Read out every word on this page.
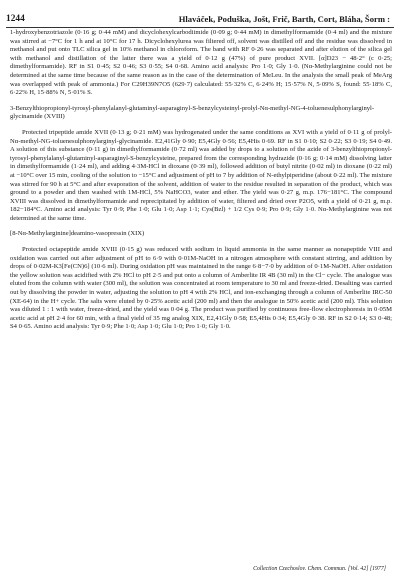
1244	Hlaváček, Poduška, Jošt, Frič, Barth, Cort, Bláha, Šorm :

1-hydroxybenzotriazole (0·16 g; 0·44 mM) and dicyclohexylcarbodiimide (0·09 g; 0·44 mM) in dimethylformamide (0·4 ml) and the mixture was stirred at −7°C for 1 h and at 10°C for 17 h. Dicyclohexylurea was filtered off, solvent was distilled off and the residue was dissolved in methanol and put onto TLC silica gel in 10% methanol in chloroform. The band with RF 0·26 was separated and after elution of the silica gel with methanol and distillation of the latter there was a yield of 0·12 g (47%) of pure product XVII. [α]D23 − 48·2° (c 0·25; dimethylformamide). RF in S1 0·45; S2 0·46; S3 0·55; S4 0·68. Amino acid analysis: Pro 1·0; Gly 1·0. (Nα-Methylarginine could not be determined at the same time because of the same reason as in the case of the determination of MeLeu. In the analysis the small peak of MeArg was overlapped with peak of ammonia.) For C29H39N7O5 (629·7) calculated: 55·32% C, 6·24% H; 15·57% N, 5·09% S, found: 55·18% C, 6·22% H, 15·88% N, 5·01% S.

3-Benzylthiopropionyl-tyrosyl-phenylalanyl-glutaminyl-asparaginyl-S-benzylcysteinyl-prolyl-Nα-methyl-NG-4-toluenesulphonylarginyl-glycinamide (XVIII)

Protected tripeptide amide XVII (0·13 g; 0·21 mM) was hydrogenated under the same conditions as XVI with a yield of 0·11 g of prolyl-Nα-methyl-NG-toluenesulphonylarginyl-glycinamide. E2,41Gly 0·90; E5,4Gly 0·56; E5,4His 0·69. RF in S1 0·10; S2 0·22; S3 0·19; S4 0·49. A solution of this substance (0·11 g) in dimethylformamide (0·72 ml) was added by drops to a solution of the azide of 3-benzylthiopropionyl-tyrosyl-phenylalanyl-glutaminyl-asparaginyl-S-benzylcysteine, prepared from the corresponding hydrazide (0·16 g; 0·14 mM) dissolving latter in dimethylformamide (1·24 ml), and adding 4·3M-HCl in dioxane (0·39 ml), followed addition of butyl nitrite (0·02 ml) in dioxane (0·22 ml) at −10°C over 15 min, cooling of the solution to −15°C and adjustment of pH to 7 by addition of N-ethylpiperidine (about 0·22 ml). The mixture was stirred for 90 h at 5°C and after evaporation of the solvent, addition of water to the residue resulted in separation of the product, which was ground to a powder and then washed with 1M-HCl, 5% NaHCO3, water and ether. The yield was 0·27 g, m.p. 176−181°C. The compound XVIII was dissolved in dimethylformamide and reprecipitated by addition of water, filtered and dried over P2O5, with a yield of 0·21 g, m.p. 182−184°C. Amino acid analysis: Tyr 0·9; Phe 1·0; Glu 1·0; Asp 1·1; Cys(Bzl) + 1/2 Cys 0·9; Pro 0·9; Gly 1·0. Nα-Methylarginine was not determined at the same time.

[8-Nα-Methylarginine]deamino-vasopressin (XIX)

Protected octapeptide amide XVIII (0·15 g) was reduced with sodium in liquid ammonia in the same manner as nonapeptide VIII and oxidation was carried out after adjustment of pH to 6·9 with 0·01M-NaOH in a nitrogen atmosphere with constant stirring, and addition by drops of 0·02M-K3[Fe(CN)6] (10·6 ml). During oxidation pH was maintained in the range 6·8−7·0 by addition of 0·1M-NaOH. After oxidation the yellow solution was acidified with 2% HCl to pH 2·5 and put onto a column of Amberlite IR 4B (30 ml) in the Cl− cycle. The analogue was eluted from the column with water (300 ml), the solution was concentrated at room temperature to 30 ml and freeze-dried. Desalting was carried out by dissolving the powder in water, adjusting the solution to pH 4 with 2% HCl, and ion-exchanging through a column of Amberlite IRC-50 (XE-64) in the H+ cycle. The salts were eluted by 0·25% acetic acid (200 ml) and then the analogue in 50% acetic acid (200 ml). This solution was diluted 1 : 1 with water, freeze-dried, and the yield was 0·04 g. The product was purified by continuous free-flow electrophoresis in 0·05M acetic acid at pH 2·4 for 60 min, with a final yield of 35 mg analog XIX, E2,41Gly 0·58; E5,4His 0·34; E5,4Gly 0·38. RF in S2 0·14; S3 0·48; S4 0·65. Amino acid analysis: Tyr 0·9; Phe 1·0; Asp 1·0; Glu 1·0; Pro 1·0; Gly 1·0.

Collection Czechoslov. Chem. Commun. [Vol. 42] [1977]
